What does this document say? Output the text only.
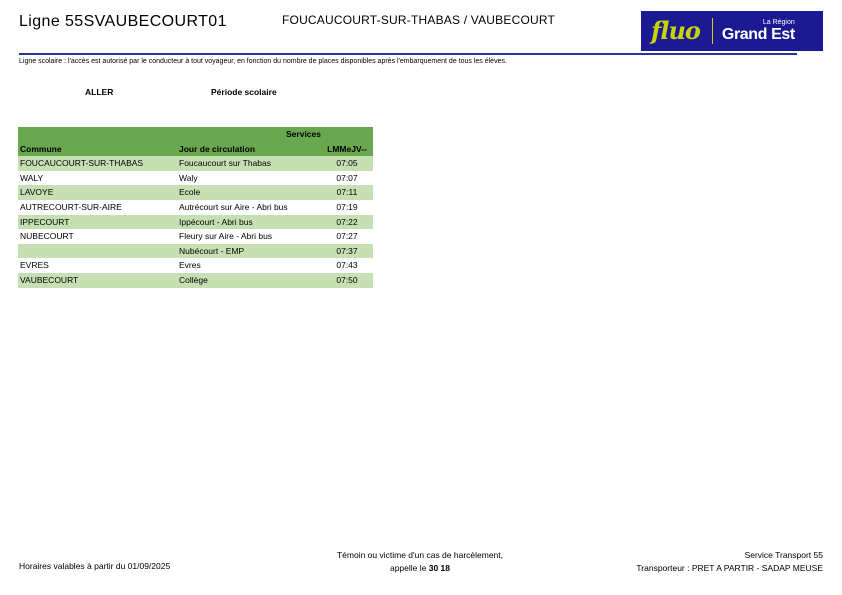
Ligne 55SVAUBECOURT01	FOUCAUCOURT-SUR-THABAS / VAUBECOURT	fluo	La Région
Grand Est
Ligne scolaire : l'accès est autorisé par le conducteur à tout voyageur, en fonction du nombre de places disponibles après l'embarquement de tous les élèves.
ALLER	Période scolaire
	Services	
Commune	Jour de circulation	LMMeJV--
FOUCAUCOURT-SUR-THABAS	Foucaucourt sur Thabas	07:05
WALY	Waly	07:07
LAVOYE	Ecole	07:11
AUTRECOURT-SUR-AIRE	Autrécourt sur Aire - Abri bus	07:19
IPPECOURT	Ippécourt - Abri bus	07:22
NUBECOURT	Fleury sur Aire - Abri bus	07:27
	Nubécourt - EMP	07:37
EVRES	Evres	07:43
VAUBECOURT	Collège	07:50
Horaires valables à partir du 01/09/2025
Témoin ou victime d'un cas de harcèlement,
appelle le 30 18
Service Transport 55
Transporteur : PRET A PARTIR - SADAP MEUSE
